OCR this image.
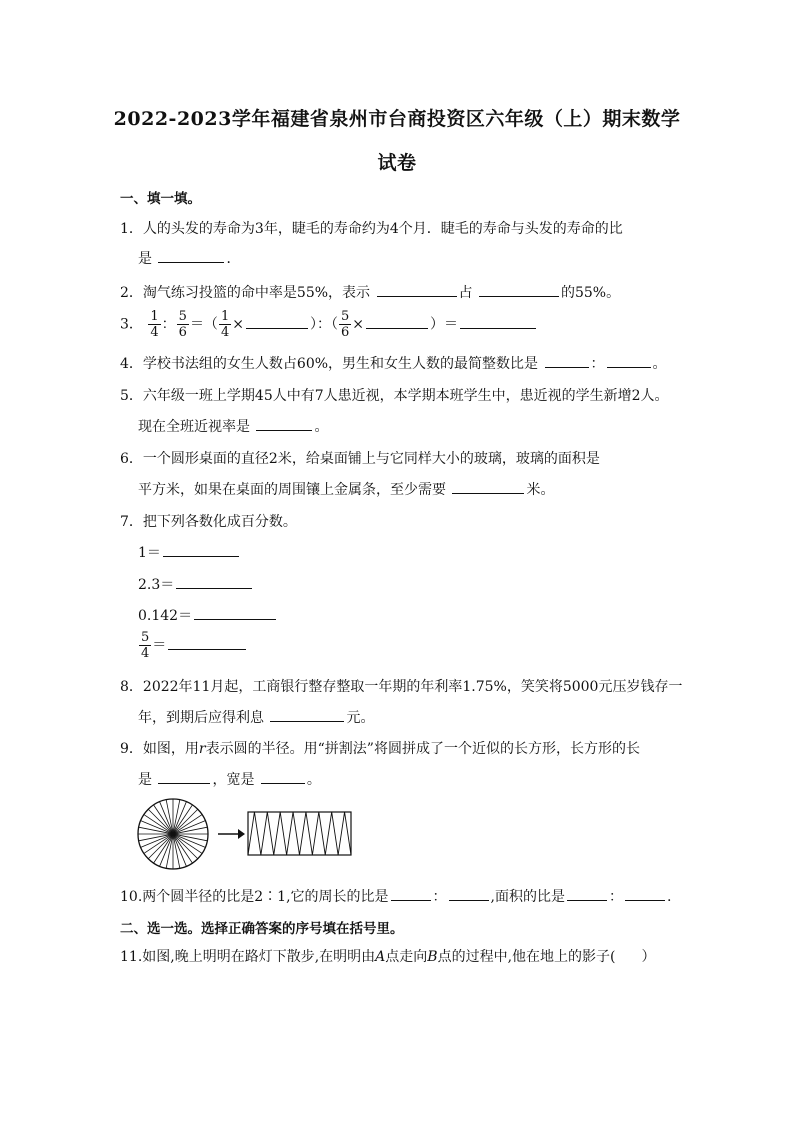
2022-2023学年福建省泉州市台商投资区六年级（上）期末数学
试卷
一、填一填。
1．人的头发的寿命为3年，睫毛的寿命约为4个月．睫毛的寿命与头发的寿命的比
是	．
2．淘气练习投篮的命中率是55%，表示	占	的55%。
3． $\frac{1}{4}$ ： $\frac{5}{6}$ ＝（ $\frac{1}{4}$ ×	）：（ $\frac{5}{6}$ ×	）＝
4．学校书法组的女生人数占60%，男生和女生人数的最简整数比是	：	。
5．六年级一班上学期45人中有7人患近视，本学期本班学生中，患近视的学生新增2人。
现在全班近视率是	。
6．一个圆形桌面的直径2米，给桌面铺上与它同样大小的玻璃，玻璃的面积是
平方米，如果在桌面的周围镶上金属条，至少需要	米。
7．把下列各数化成百分数。
1＝
2.3＝
0.142＝
$\frac{5}{4}$ ＝
8．2022年11月起，工商银行整存整取一年期的年利率1.75%，笑笑将5000元压岁钱存一
年，到期后应得利息	元。
9．如图，用r表示圆的半径。用“拼割法”将圆拼成了一个近似的长方形，长方形的长
是	，宽是	。
10.两个圆半径的比是2∶1,它的周长的比是	：	,面积的比是	：	.
二、选一选。选择正确答案的序号填在括号里。
11.如图,晚上明明在路灯下散步,在明明由A点走向B点的过程中,他在地上的影子( ）
